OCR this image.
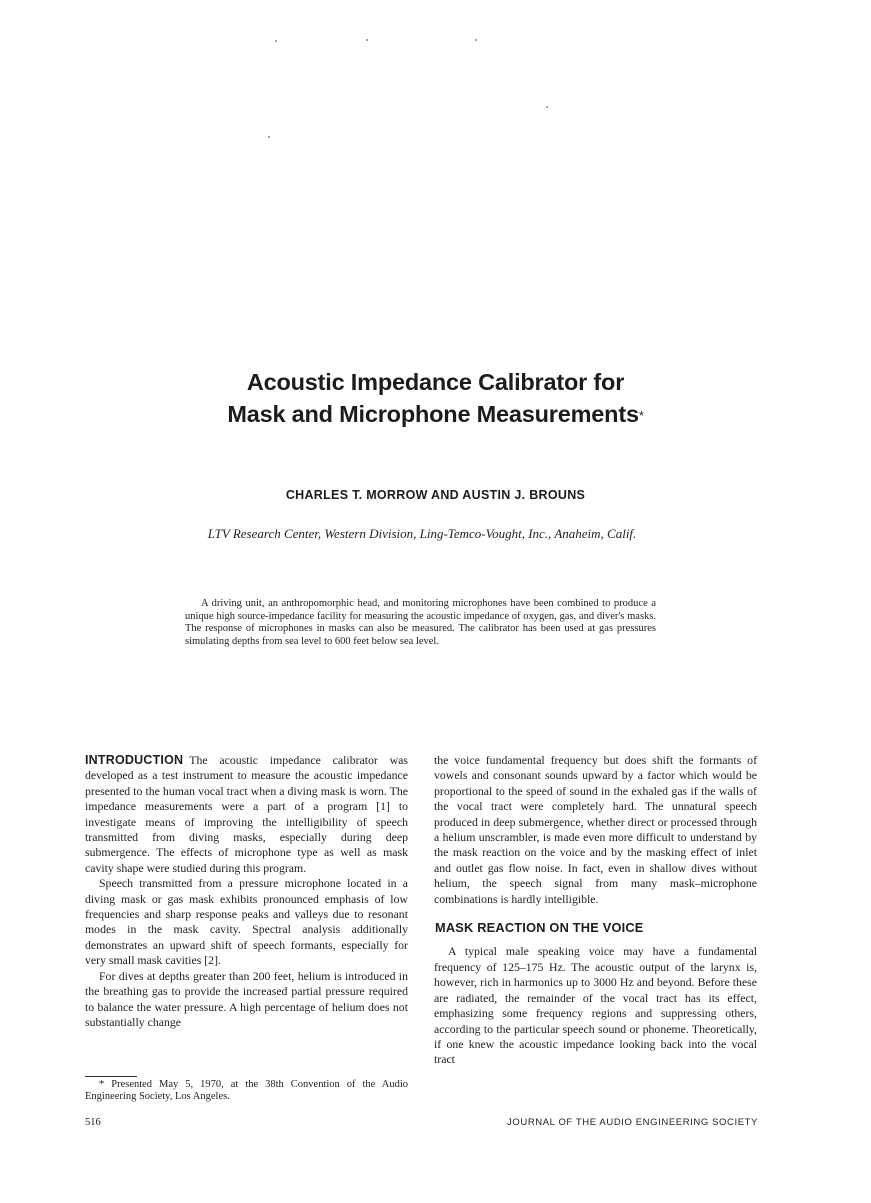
Acoustic Impedance Calibrator for
Mask and Microphone Measurements*
CHARLES T. MORROW AND AUSTIN J. BROUNS
LTV Research Center, Western Division, Ling-Temco-Vought, Inc., Anaheim, Calif.
A driving unit, an anthropomorphic head, and monitoring microphones have been combined to produce a unique high source-impedance facility for measuring the acoustic impedance of oxygen, gas, and diver's masks. The response of microphones in masks can also be measured. The calibrator has been used at gas pressures simulating depths from sea level to 600 feet below sea level.

INTRODUCTION The acoustic impedance calibrator was developed as a test instrument to measure the acoustic impedance presented to the human vocal tract when a diving mask is worn. The impedance measurements were a part of a program [1] to investigate means of improving the intelligibility of speech transmitted from diving masks, especially during deep submergence. The effects of microphone type as well as mask cavity shape were studied during this program.

Speech transmitted from a pressure microphone located in a diving mask or gas mask exhibits pronounced emphasis of low frequencies and sharp response peaks and valleys due to resonant modes in the mask cavity. Spectral analysis additionally demonstrates an upward shift of speech formants, especially for very small mask cavities [2].

For dives at depths greater than 200 feet, helium is introduced in the breathing gas to provide the increased partial pressure required to balance the water pressure. A high percentage of helium does not substantially change

the voice fundamental frequency but does shift the formants of vowels and consonant sounds upward by a factor which would be proportional to the speed of sound in the exhaled gas if the walls of the vocal tract were completely hard. The unnatural speech produced in deep submergence, whether direct or processed through a helium unscrambler, is made even more difficult to understand by the mask reaction on the voice and by the masking effect of inlet and outlet gas flow noise. In fact, even in shallow dives without helium, the speech signal from many mask–microphone combinations is hardly intelligible.

MASK REACTION ON THE VOICE

A typical male speaking voice may have a fundamental frequency of 125–175 Hz. The acoustic output of the larynx is, however, rich in harmonics up to 3000 Hz and beyond. Before these are radiated, the remainder of the vocal tract has its effect, emphasizing some frequency regions and suppressing others, according to the particular speech sound or phoneme. Theoretically, if one knew the acoustic impedance looking back into the vocal tract

* Presented May 5, 1970, at the 38th Convention of the Audio Engineering Society, Los Angeles.
516	JOURNAL OF THE AUDIO ENGINEERING SOCIETY
